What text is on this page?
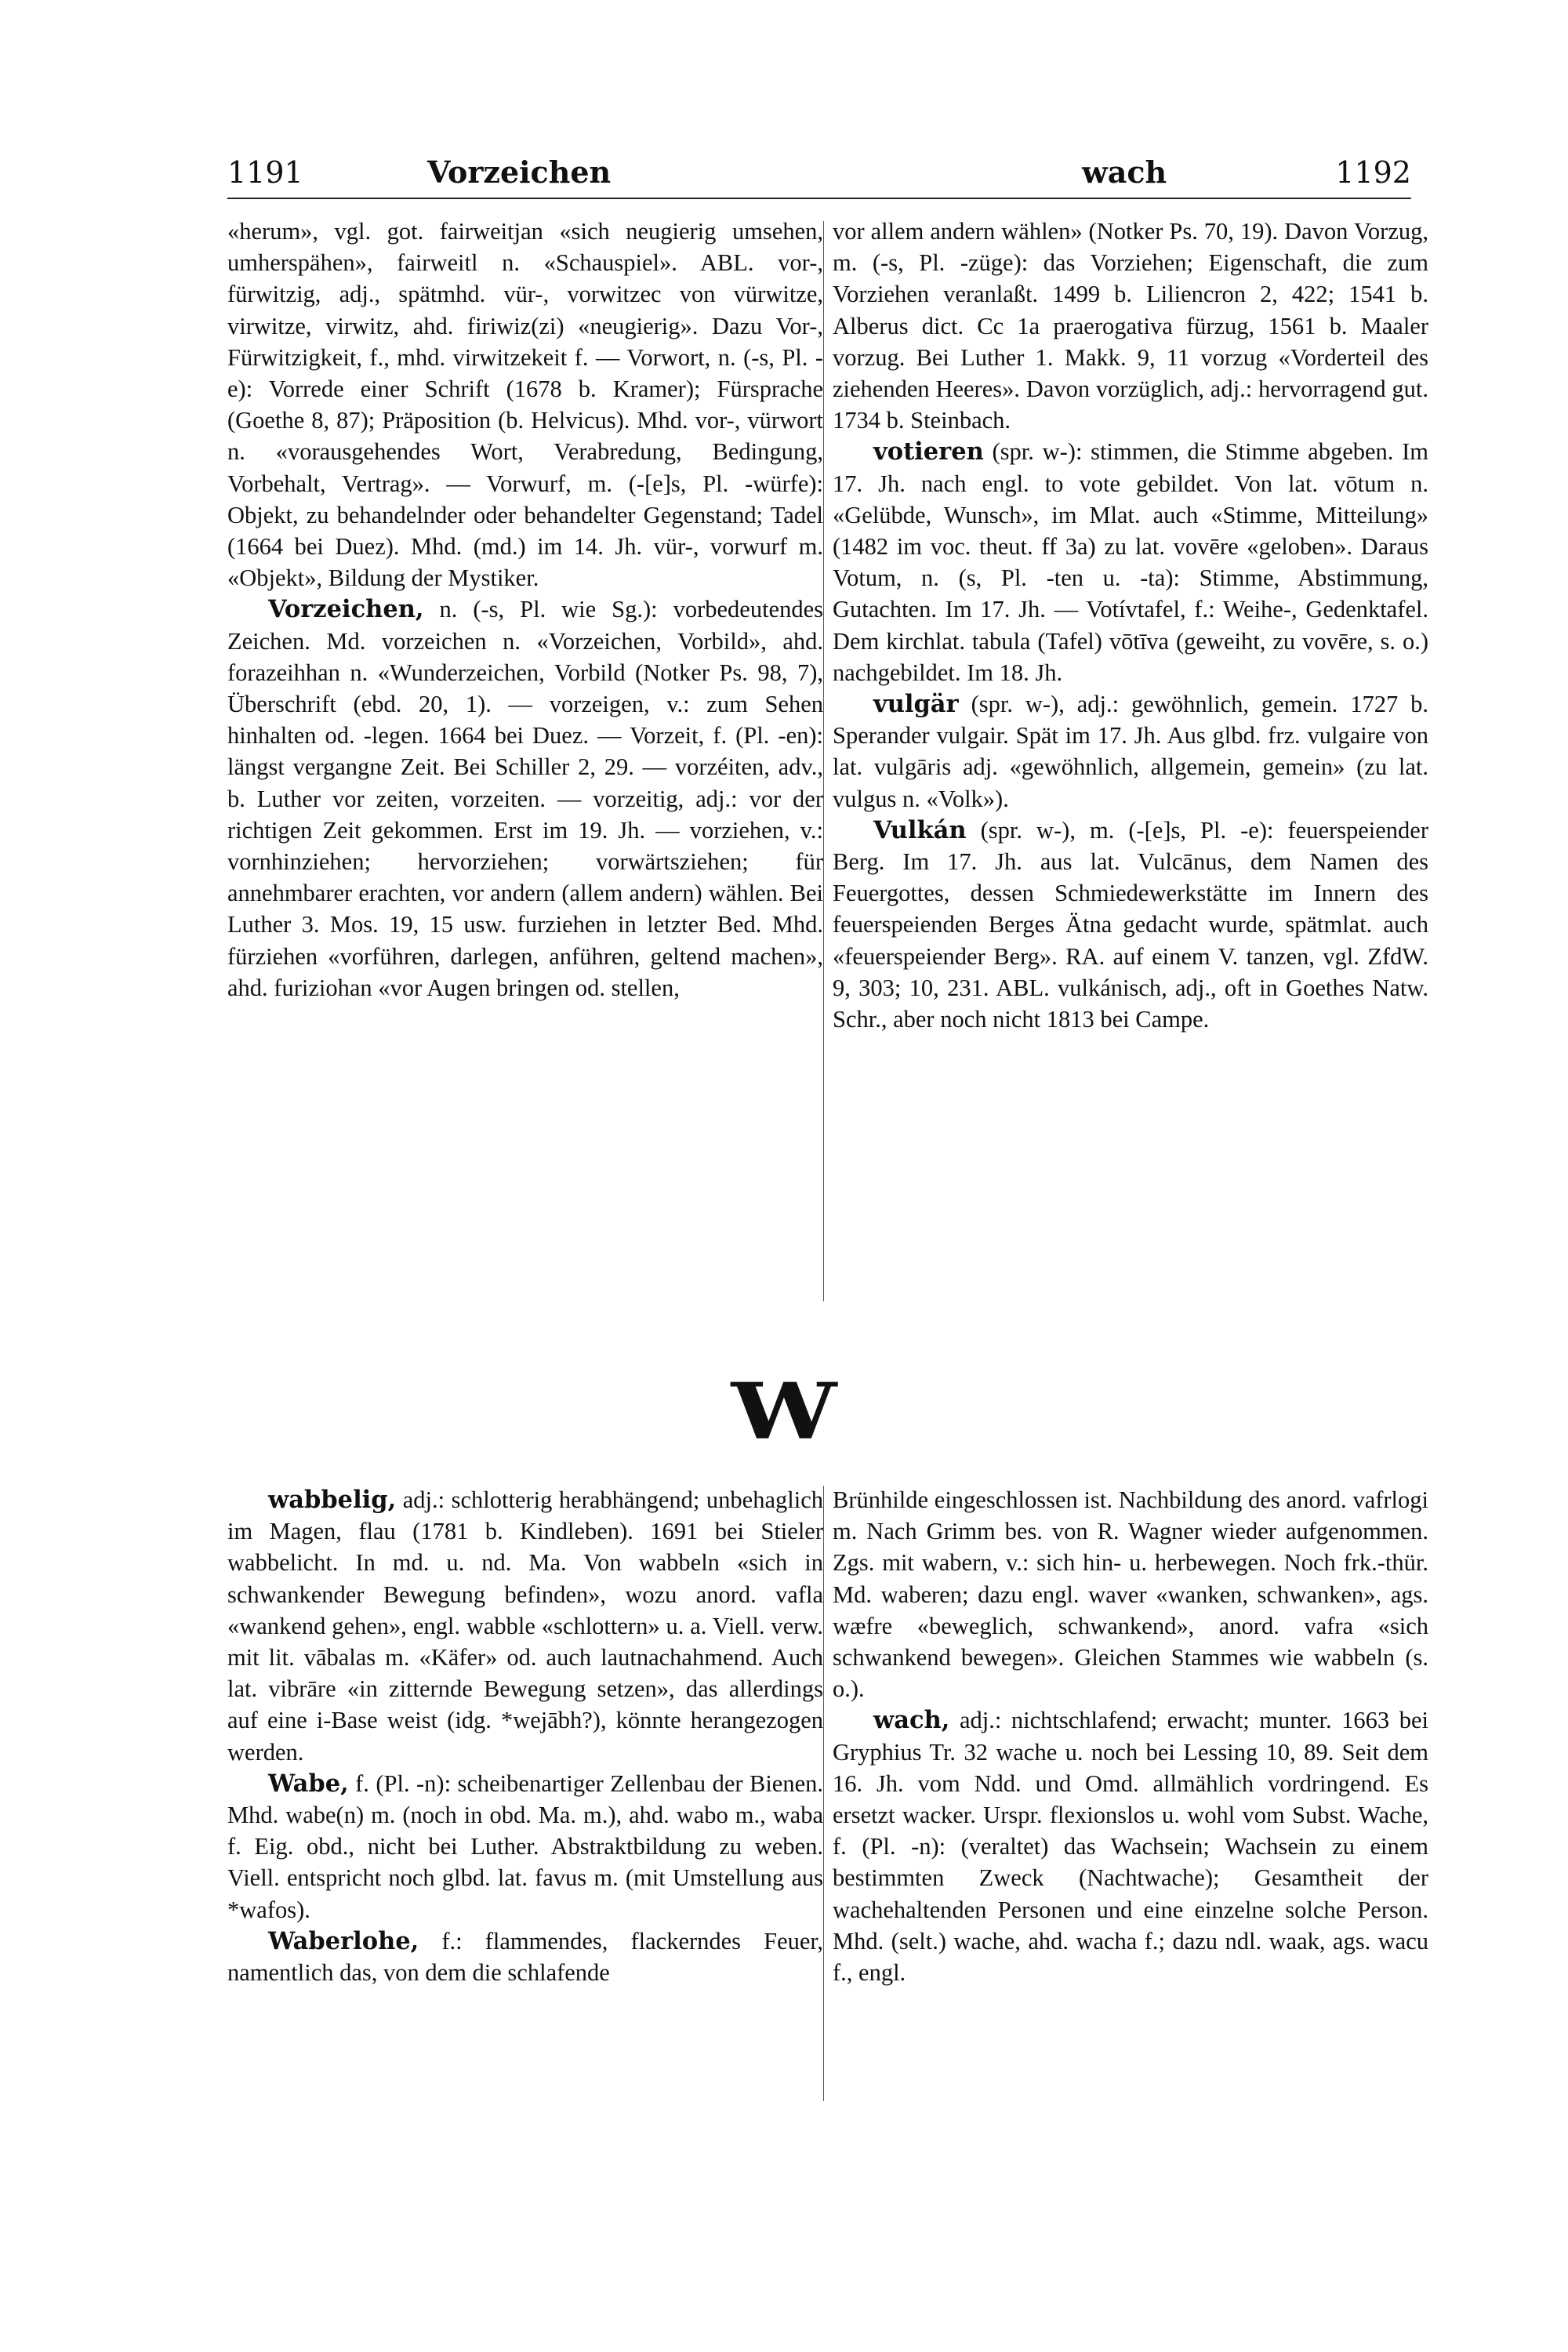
1191	Vorzeichen	wach	1192

«herum», vgl. got. fairweitjan «sich neugierig umsehen, umherspähen», fairweitl n. «Schauspiel». ABL. vor-, fürwitzig, adj., spätmhd. vür-, vorwitzec von vürwitze, virwitze, virwitz, ahd. firiwiz(zi) «neugierig». Dazu Vor-, Fürwitzigkeit, f., mhd. virwitzekeit f. — Vorwort, n. (-s, Pl. -e): Vorrede einer Schrift (1678 b. Kramer); Fürsprache (Goethe 8, 87); Präposition (b. Helvicus). Mhd. vor-, vürwort n. «vorausgehendes Wort, Verabredung, Bedingung, Vorbehalt, Vertrag». — Vorwurf, m. (-[e]s, Pl. -würfe): Objekt, zu behandelnder oder behandelter Gegenstand; Tadel (1664 bei Duez). Mhd. (md.) im 14. Jh. vür-, vorwurf m. «Objekt», Bildung der Mystiker.

Vorzeichen, n. (-s, Pl. wie Sg.): vorbedeutendes Zeichen. Md. vorzeichen n. «Vorzeichen, Vorbild», ahd. forazeihhan n. «Wunderzeichen, Vorbild (Notker Ps. 98, 7), Überschrift (ebd. 20, 1). — vorzeigen, v.: zum Sehen hinhalten od. -legen. 1664 bei Duez. — Vorzeit, f. (Pl. -en): längst vergangne Zeit. Bei Schiller 2, 29. — vorzéiten, adv., b. Luther vor zeiten, vorzeiten. — vorzeitig, adj.: vor der richtigen Zeit gekommen. Erst im 19. Jh. — vorziehen, v.: vornhinziehen; hervorziehen; vorwärtsziehen; für annehmbarer erachten, vor andern (allem andern) wählen. Bei Luther 3. Mos. 19, 15 usw. furziehen in letzter Bed. Mhd. fürziehen «vorführen, darlegen, anführen, geltend machen», ahd. furiziohan «vor Augen bringen od. stellen,

vor allem andern wählen» (Notker Ps. 70, 19). Davon Vorzug, m. (-s, Pl. -züge): das Vorziehen; Eigenschaft, die zum Vorziehen veranlaßt. 1499 b. Liliencron 2, 422; 1541 b. Alberus dict. Cc 1a praerogativa fürzug, 1561 b. Maaler vorzug. Bei Luther 1. Makk. 9, 11 vorzug «Vorderteil des ziehenden Heeres». Davon vorzüglich, adj.: hervorragend gut. 1734 b. Steinbach.

votieren (spr. w-): stimmen, die Stimme abgeben. Im 17. Jh. nach engl. to vote gebildet. Von lat. vōtum n. «Gelübde, Wunsch», im Mlat. auch «Stimme, Mitteilung» (1482 im voc. theut. ff 3a) zu lat. vovēre «geloben». Daraus Votum, n. (s, Pl. -ten u. -ta): Stimme, Abstimmung, Gutachten. Im 17. Jh. — Votívtafel, f.: Weihe-, Gedenktafel. Dem kirchlat. tabula (Tafel) vōtīva (geweiht, zu vovēre, s. o.) nachgebildet. Im 18. Jh.

vulgär (spr. w-), adj.: gewöhnlich, gemein. 1727 b. Sperander vulgair. Spät im 17. Jh. Aus glbd. frz. vulgaire von lat. vulgāris adj. «gewöhnlich, allgemein, gemein» (zu lat. vulgus n. «Volk»).

Vulkán (spr. w-), m. (-[e]s, Pl. -e): feuerspeiender Berg. Im 17. Jh. aus lat. Vulcānus, dem Namen des Feuergottes, dessen Schmiedewerkstätte im Innern des feuerspeienden Berges Ätna gedacht wurde, spätmlat. auch «feuerspeiender Berg». RA. auf einem V. tanzen, vgl. ZfdW. 9, 303; 10, 231. ABL. vulkánisch, adj., oft in Goethes Natw. Schr., aber noch nicht 1813 bei Campe.

W

wabbelig, adj.: schlotterig herabhängend; unbehaglich im Magen, flau (1781 b. Kindleben). 1691 bei Stieler wabbelicht. In md. u. nd. Ma. Von wabbeln «sich in schwankender Bewegung befinden», wozu anord. vafla «wankend gehen», engl. wabble «schlottern» u. a. Viell. verw. mit lit. vābalas m. «Käfer» od. auch lautnachahmend. Auch lat. vibrāre «in zitternde Bewegung setzen», das allerdings auf eine i-Base weist (idg. *wejābh?), könnte herangezogen werden.

Wabe, f. (Pl. -n): scheibenartiger Zellenbau der Bienen. Mhd. wabe(n) m. (noch in obd. Ma. m.), ahd. wabo m., waba f. Eig. obd., nicht bei Luther. Abstraktbildung zu weben. Viell. entspricht noch glbd. lat. favus m. (mit Umstellung aus *wafos).

Waberlohe, f.: flammendes, flackerndes Feuer, namentlich das, von dem die schlafende

Brünhilde eingeschlossen ist. Nachbildung des anord. vafrlogi m. Nach Grimm bes. von R. Wagner wieder aufgenommen. Zgs. mit wabern, v.: sich hin- u. herbewegen. Noch frk.-thür. Md. waberen; dazu engl. waver «wanken, schwanken», ags. wæfre «beweglich, schwankend», anord. vafra «sich schwankend bewegen». Gleichen Stammes wie wabbeln (s. o.).

wach, adj.: nichtschlafend; erwacht; munter. 1663 bei Gryphius Tr. 32 wache u. noch bei Lessing 10, 89. Seit dem 16. Jh. vom Ndd. und Omd. allmählich vordringend. Es ersetzt wacker. Urspr. flexionslos u. wohl vom Subst. Wache, f. (Pl. -n): (veraltet) das Wachsein; Wachsein zu einem bestimmten Zweck (Nachtwache); Gesamtheit der wachehaltenden Personen und eine einzelne solche Person. Mhd. (selt.) wache, ahd. wacha f.; dazu ndl. waak, ags. wacu f., engl.
